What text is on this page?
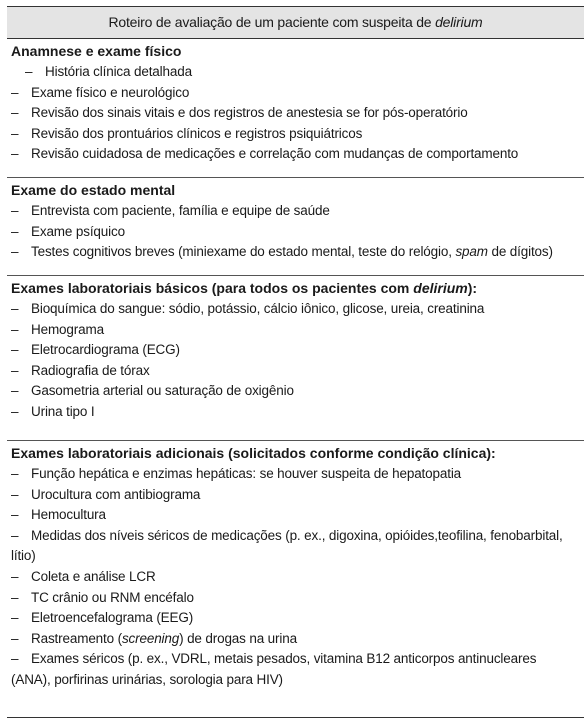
Roteiro de avaliação de um paciente com suspeita de delirium
Anamnese e exame físico
– História clínica detalhada
– Exame físico e neurológico
– Revisão dos sinais vitais e dos registros de anestesia se for pós-operatório
– Revisão dos prontuários clínicos e registros psiquiátricos
– Revisão cuidadosa de medicações e correlação com mudanças de comportamento
Exame do estado mental
– Entrevista com paciente, família e equipe de saúde
– Exame psíquico
– Testes cognitivos breves (miniexame do estado mental, teste do relógio, spam de dígitos)
Exames laboratoriais básicos (para todos os pacientes com delirium):
– Bioquímica do sangue: sódio, potássio, cálcio iônico, glicose, ureia, creatinina
– Hemograma
– Eletrocardiograma (ECG)
– Radiografia de tórax
– Gasometria arterial ou saturação de oxigênio
– Urina tipo I
Exames laboratoriais adicionais (solicitados conforme condição clínica):
– Função hepática e enzimas hepáticas: se houver suspeita de hepatopatia
– Urocultura com antibiograma
– Hemocultura
– Medidas dos níveis séricos de medicações (p. ex., digoxina, opióides,teofilina, fenobarbital, lítio)
– Coleta e análise LCR
– TC crânio ou RNM encéfalo
– Eletroencefalograma (EEG)
– Rastreamento (screening) de drogas na urina
– Exames séricos (p. ex., VDRL, metais pesados, vitamina B12 anticorpos antinucleares (ANA), porfirinas urinárias, sorologia para HIV)
